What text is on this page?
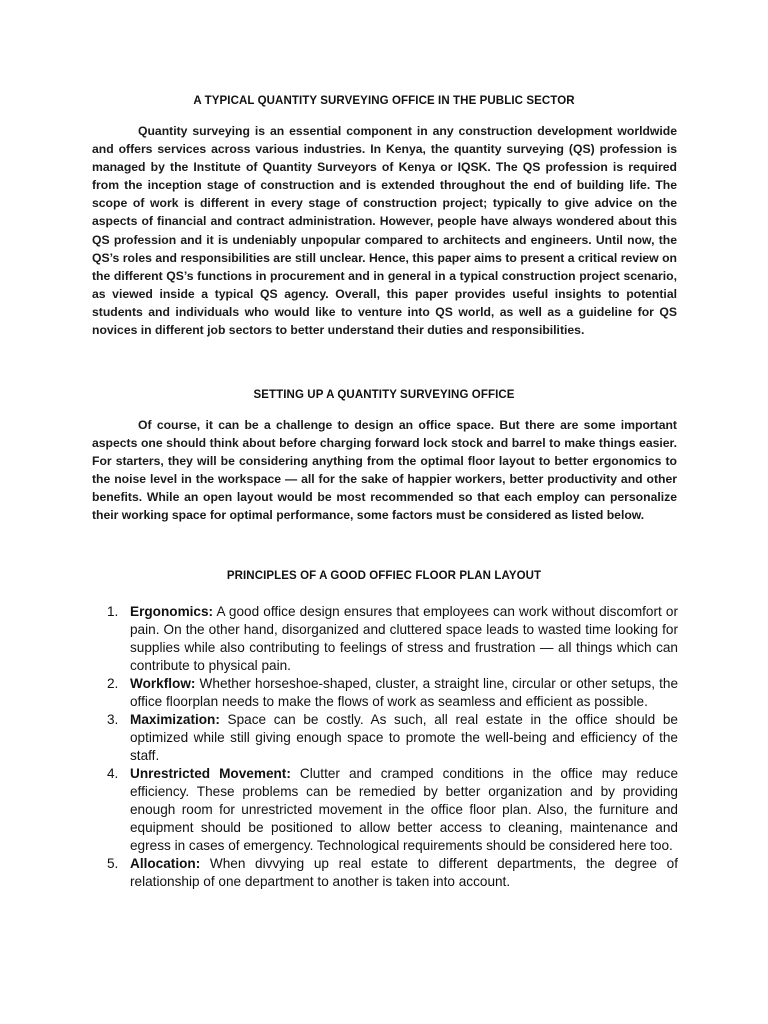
A TYPICAL QUANTITY SURVEYING OFFICE IN THE PUBLIC SECTOR
Quantity surveying is an essential component in any construction development worldwide and offers services across various industries. In Kenya, the quantity surveying (QS) profession is managed by the Institute of Quantity Surveyors of Kenya or IQSK. The QS profession is required from the inception stage of construction and is extended throughout the end of building life. The scope of work is different in every stage of construction project; typically to give advice on the aspects of financial and contract administration. However, people have always wondered about this QS profession and it is undeniably unpopular compared to architects and engineers. Until now, the QS’s roles and responsibilities are still unclear. Hence, this paper aims to present a critical review on the different QS’s functions in procurement and in general in a typical construction project scenario, as viewed inside a typical QS agency. Overall, this paper provides useful insights to potential students and individuals who would like to venture into QS world, as well as a guideline for QS novices in different job sectors to better understand their duties and responsibilities.
SETTING UP A QUANTITY SURVEYING OFFICE
Of course, it can be a challenge to design an office space. But there are some important aspects one should think about before charging forward lock stock and barrel to make things easier. For starters, they will be considering anything from the optimal floor layout to better ergonomics to the noise level in the workspace — all for the sake of happier workers, better productivity and other benefits. While an open layout would be most recommended so that each employ can personalize their working space for optimal performance, some factors must be considered as listed below.
PRINCIPLES OF A GOOD OFFIEC FLOOR PLAN LAYOUT
1. Ergonomics: A good office design ensures that employees can work without discomfort or pain. On the other hand, disorganized and cluttered space leads to wasted time looking for supplies while also contributing to feelings of stress and frustration — all things which can contribute to physical pain.
2. Workflow: Whether horseshoe-shaped, cluster, a straight line, circular or other setups, the office floorplan needs to make the flows of work as seamless and efficient as possible.
3. Maximization: Space can be costly. As such, all real estate in the office should be optimized while still giving enough space to promote the well-being and efficiency of the staff.
4. Unrestricted Movement: Clutter and cramped conditions in the office may reduce efficiency. These problems can be remedied by better organization and by providing enough room for unrestricted movement in the office floor plan. Also, the furniture and equipment should be positioned to allow better access to cleaning, maintenance and egress in cases of emergency. Technological requirements should be considered here too.
5. Allocation: When divvying up real estate to different departments, the degree of relationship of one department to another is taken into account.
